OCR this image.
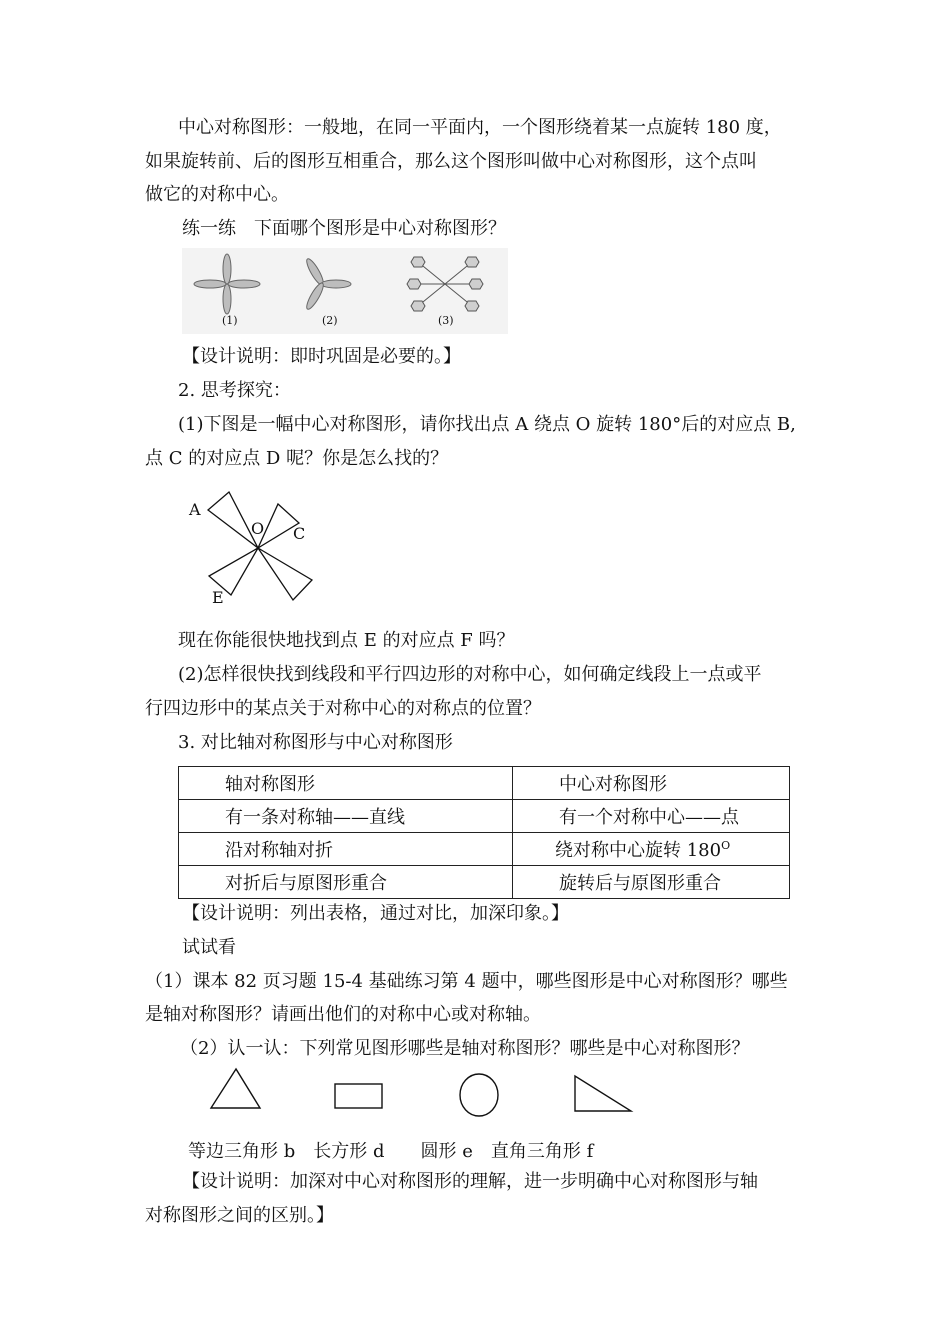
中心对称图形：一般地，在同一平面内，一个图形绕着某一点旋转 180 度，
如果旋转前、后的图形互相重合，那么这个图形叫做中心对称图形，这个点叫
做它的对称中心。
练一练　下面哪个图形是中心对称图形？
(1)	(2)	(3)
【设计说明：即时巩固是必要的。】
2. 思考探究：
(1)下图是一幅中心对称图形，请你找出点 A 绕点 O 旋转 180°后的对应点 B,
点 C 的对应点 D 呢？你是怎么找的？
A
O C
E
现在你能很快地找到点 E 的对应点 F 吗？
(2)怎样很快找到线段和平行四边形的对称中心，如何确定线段上一点或平
行四边形中的某点关于对称中心的对称点的位置？
3. 对比轴对称图形与中心对称图形
轴对称图形	中心对称图形
有一条对称轴——直线	有一个对称中心——点
沿对称轴对折	绕对称中心旋转 $180^O$
对折后与原图形重合	旋转后与原图形重合
【设计说明：列出表格，通过对比，加深印象。】
试试看
（1）课本 82 页习题 15-4 基础练习第 4 题中，哪些图形是中心对称图形？哪些
是轴对称图形？请画出他们的对称中心或对称轴。
（2）认一认：下列常见图形哪些是轴对称图形？哪些是中心对称图形？
等边三角形 b　长方形 d　　圆形 e　直角三角形 f
【设计说明：加深对中心对称图形的理解，进一步明确中心对称图形与轴
对称图形之间的区别。】
